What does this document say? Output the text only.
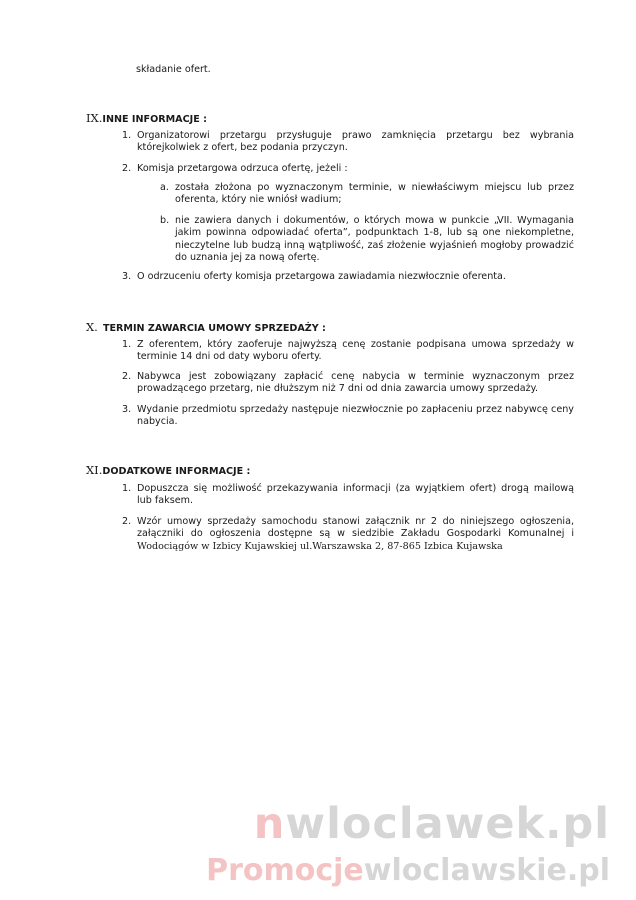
składanie ofert.
IX.INNE INFORMACJE :
1. Organizatorowi przetargu przysługuje prawo zamknięcia przetargu bez wybrania którejkolwiek z ofert, bez podania przyczyn.
2. Komisja przetargowa odrzuca ofertę, jeżeli :
a. została złożona po wyznaczonym terminie, w niewłaściwym miejscu lub przez oferenta, który nie wniósł wadium;
b. nie zawiera danych i dokumentów, o których mowa w punkcie „VII. Wymagania jakim powinna odpowiadać oferta”, podpunktach 1-8, lub są one niekompletne, nieczytelne lub budzą inną wątpliwość, zaś złożenie wyjaśnień mogłoby prowadzić do uznania jej za nową ofertę.
3. O odrzuceniu oferty komisja przetargowa zawiadamia niezwłocznie oferenta.
X. TERMIN ZAWARCIA UMOWY SPRZEDAŻY :
1. Z oferentem, który zaoferuje najwyższą cenę zostanie podpisana umowa sprzedaży w terminie 14 dni od daty wyboru oferty.
2. Nabywca jest zobowiązany zapłacić cenę nabycia w terminie wyznaczonym przez prowadzącego przetarg, nie dłuższym niż 7 dni od dnia zawarcia umowy sprzedaży.
3. Wydanie przedmiotu sprzedaży następuje niezwłocznie po zapłaceniu przez nabywcę ceny nabycia.
XI.DODATKOWE INFORMACJE :
1. Dopuszcza się możliwość przekazywania informacji (za wyjątkiem ofert) drogą mailową lub faksem.
2. Wzór umowy sprzedaży samochodu stanowi załącznik nr 2 do niniejszego ogłoszenia, załączniki do ogłoszenia dostępne są w siedzibie Zakładu Gospodarki Komunalnej i Wodociągów w Izbicy Kujawskiej ul.Warszawska 2, 87-865 Izbica Kujawska
nwloclawek.pl
Promocjewloclawskie.pl
